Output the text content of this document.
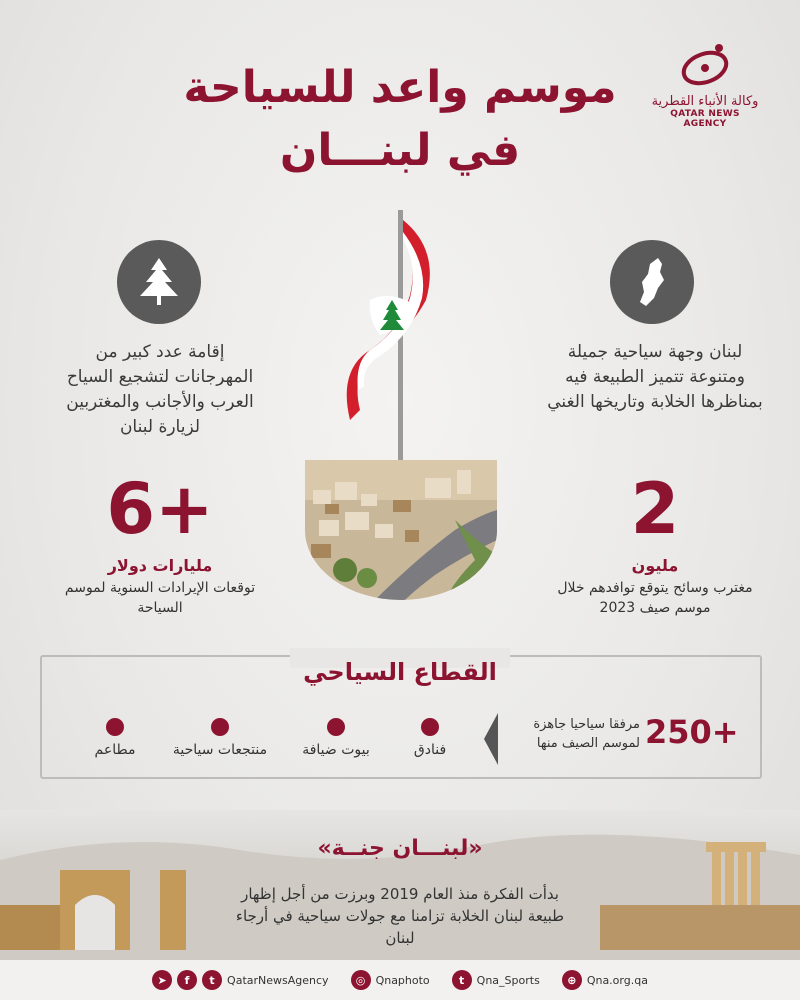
موسم واعد للسياحة
في لبنـــان
وكالة الأنباء القطرية
QATAR NEWS AGENCY
إقامة عدد كبير من المهرجانات لتشجيع السياح العرب والأجانب والمغتربين لزيارة لبنان
6+
مليارات دولار
توقعات الإيرادات السنوية لموسم السياحة
لبنان وجهة سياحية جميلة ومتنوعة تتميز الطبيعة فيه بمناظرها الخلابة وتاريخها الغني
2
مليون
مغترب وسائح يتوقع توافدهم خلال موسم صيف 2023
القطاع السياحي
250+
مرفقا سياحيا جاهزة لموسم الصيف منها
فنادق
بيوت ضيافة
منتجعات سياحية
مطاعم
«لبنـــان جنــة»
بدأت الفكرة منذ العام 2019 وبرزت من أجل إظهار طبيعة لبنان الخلابة تزامنا مع جولات سياحية في أرجاء لبنان
➤	f	t	QatarNewsAgency	◎ Qnaphoto	t	Qna_Sports	⊕ Qna.org.qa
